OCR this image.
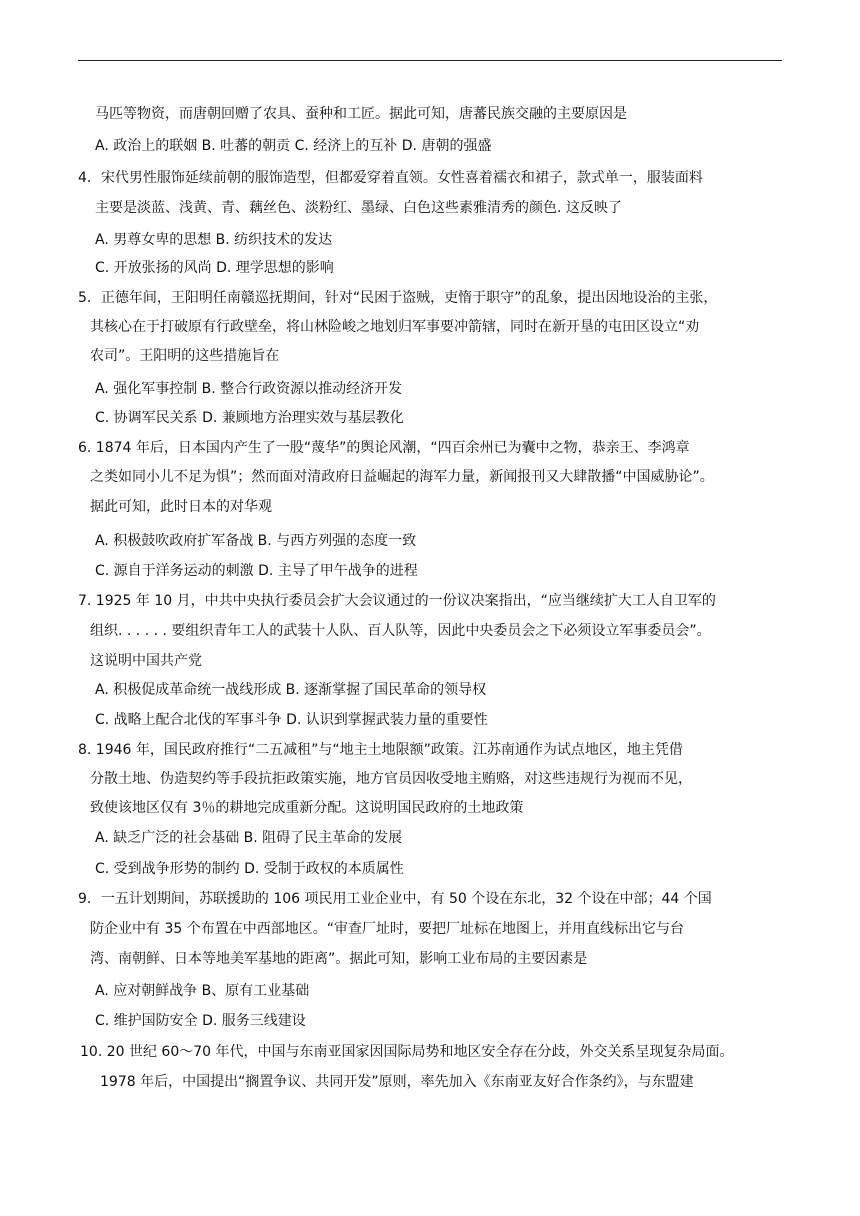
马匹等物资，而唐朝回赠了农具、蚕种和工匠。据此可知，唐蕃民族交融的主要原因是
A. 政治上的联姻 B. 吐蕃的朝贡 C. 经济上的互补 D. 唐朝的强盛
4．宋代男性服饰延续前朝的服饰造型，但都爱穿着直领。女性喜着襦衣和裙子，款式单一，服装面料
主要是淡蓝、浅黄、青、藕丝色、淡粉红、墨绿、白色这些素雅清秀的颜色. 这反映了
A. 男尊女卑的思想 B. 纺织技术的发达
C. 开放张扬的风尚 D. 理学思想的影响
5．正德年间，王阳明任南赣巡抚期间，针对“民困于盗贼，吏惰于职守”的乱象，提出因地设治的主张，
其核心在于打破原有行政壁垒，将山林险峻之地划归军事要冲箭辖，同时在新开垦的屯田区设立“劝
农司”。王阳明的这些措施旨在
A. 强化军事控制 B. 整合行政资源以推动经济开发
C. 协调军民关系 D. 兼顾地方治理实效与基层教化
6. 1874 年后，日本国内产生了一股“蔑华”的舆论风潮，“四百余州已为囊中之物，恭亲王、李鸿章
之类如同小儿不足为惧”；然而面对清政府日益崛起的海军力量，新闻报刊又大肆散播“中国威胁论”。
据此可知，此时日本的对华观
A. 积极鼓吹政府扩军备战 B. 与西方列强的态度一致
C. 源自于洋务运动的刺激 D. 主导了甲午战争的进程
7. 1925 年 10 月，中共中央执行委员会扩大会议通过的一份议决案指出，“应当继续扩大工人自卫军的
组织. . . . . . 要组织青年工人的武装十人队、百人队等，因此中央委员会之下必须设立军事委员会”。
这说明中国共产党
A. 积极促成革命统一战线形成 B. 逐渐掌握了国民革命的领导权
C. 战略上配合北伐的军事斗争 D. 认识到掌握武装力量的重要性
8. 1946 年，国民政府推行“二五减租”与“地主土地限额”政策。江苏南通作为试点地区，地主凭借
分散土地、伪造契约等手段抗拒政策实施，地方官员因收受地主贿赂，对这些违规行为视而不见，
致使该地区仅有 3％的耕地完成重新分配。这说明国民政府的土地政策
A. 缺乏广泛的社会基础 B. 阻碍了民主革命的发展
C. 受到战争形势的制约 D. 受制于政权的本质属性
9．一五计划期间，苏联援助的 106 项民用工业企业中，有 50 个设在东北，32 个设在中部；44 个国
防企业中有 35 个布置在中西部地区。“审查厂址时，要把厂址标在地图上，并用直线标出它与台
湾、南朝鲜、日本等地美军基地的距离”。据此可知，影响工业布局的主要因素是
A. 应对朝鲜战争 B、原有工业基础
C. 维护国防安全 D. 服务三线建设
10. 20 世纪 60～70 年代，中国与东南亚国家因国际局势和地区安全存在分歧，外交关系呈现复杂局面。
1978 年后，中国提出“搁置争议、共同开发”原则，率先加入《东南亚友好合作条约》，与东盟建
